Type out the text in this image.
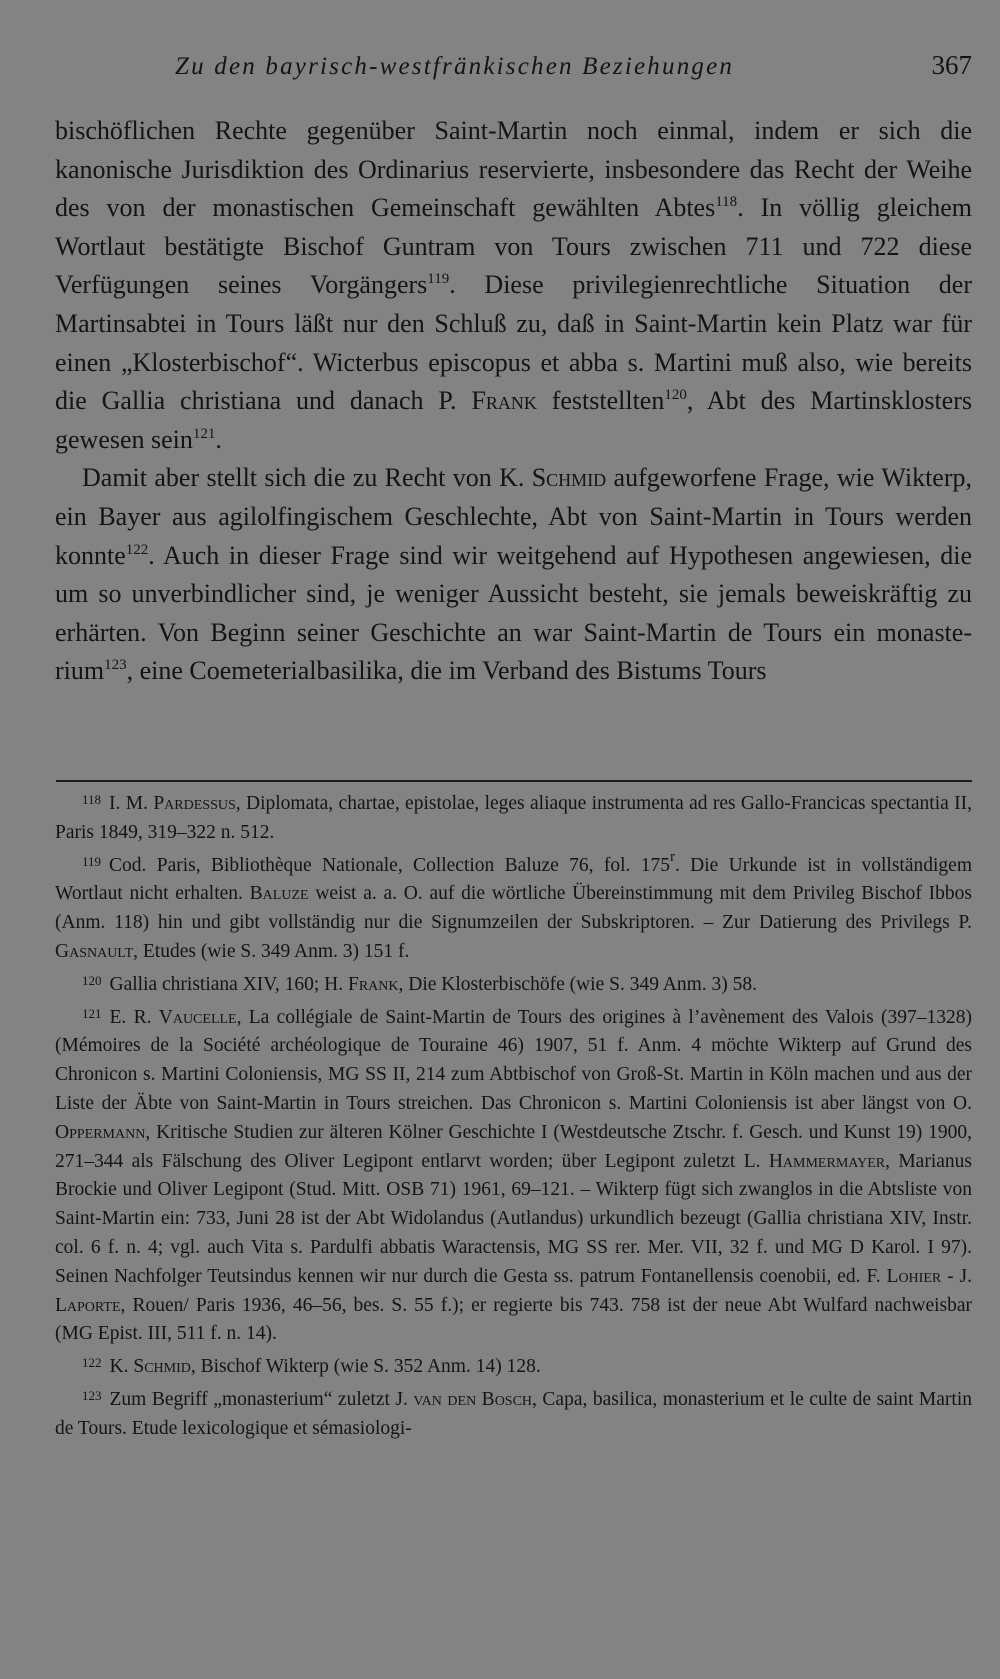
Zu den bayrisch-westfränkischen Beziehungen	367

bischöflichen Rechte gegenüber Saint-Martin noch einmal, indem er sich die kanonische Jurisdiktion des Ordinarius reservierte, insbesondere das Recht der Weihe des von der monastischen Gemeinschaft gewählten Abtes$^{118}$. In völlig gleichem Wortlaut bestätigte Bischof Guntram von Tours zwischen 711 und 722 diese Verfügungen seines Vorgängers$^{119}$. Diese privilegienrechtliche Situation der Martinsabtei in Tours läßt nur den Schluß zu, daß in Saint-Martin kein Platz war für einen „Klosterbischof“. Wicterbus episcopus et abba s. Martini muß also, wie bereits die Gallia christiana und danach P. Frank feststellten$^{120}$, Abt des Martinsklosters gewesen sein$^{121}$.

Damit aber stellt sich die zu Recht von K. Schmid aufgeworfene Frage, wie Wikterp, ein Bayer aus agilolfingischem Geschlechte, Abt von Saint-Martin in Tours werden konnte$^{122}$. Auch in dieser Frage sind wir weitgehend auf Hypothesen angewiesen, die um so unverbindlicher sind, je weniger Aussicht besteht, sie jemals beweiskräftig zu erhärten. Von Beginn seiner Geschichte an war Saint-Martin de Tours ein monasterium$^{123}$, eine Coemeterialbasilika, die im Verband des Bistums Tours

$^{118}$ I. M. Pardessus, Diplomata, chartae, epistolae, leges aliaque instrumenta ad res Gallo-Francicas spectantia II, Paris 1849, 319–322 n. 512.

$^{119}$ Cod. Paris, Bibliothèque Nationale, Collection Baluze 76, fol. 175$^r$. Die Urkunde ist in vollständigem Wortlaut nicht erhalten. Baluze weist a. a. O. auf die wörtliche Übereinstimmung mit dem Privileg Bischof Ibbos (Anm. 118) hin und gibt vollständig nur die Signumzeilen der Subskriptoren. – Zur Datierung des Privilegs P. Gasnault, Etudes (wie S. 349 Anm. 3) 151 f.

$^{120}$ Gallia christiana XIV, 160; H. Frank, Die Klosterbischöfe (wie S. 349 Anm. 3) 58.

$^{121}$ E. R. Vaucelle, La collégiale de Saint-Martin de Tours des origines à l’avènement des Valois (397–1328) (Mémoires de la Société archéologique de Touraine 46) 1907, 51 f. Anm. 4 möchte Wikterp auf Grund des Chronicon s. Martini Coloniensis, MG SS II, 214 zum Abtbischof von Groß-St. Martin in Köln machen und aus der Liste der Äbte von Saint-Martin in Tours streichen. Das Chronicon s. Martini Coloniensis ist aber längst von O. Oppermann, Kritische Studien zur älteren Kölner Geschichte I (Westdeutsche Ztschr. f. Gesch. und Kunst 19) 1900, 271–344 als Fälschung des Oliver Legipont entlarvt worden; über Legipont zuletzt L. Hammermayer, Marianus Brockie und Oliver Legipont (Stud. Mitt. OSB 71) 1961, 69–121. – Wikterp fügt sich zwanglos in die Abtsliste von Saint-Martin ein: 733, Juni 28 ist der Abt Widolandus (Autlandus) urkundlich bezeugt (Gallia christiana XIV, Instr. col. 6 f. n. 4; vgl. auch Vita s. Pardulfi abbatis Waractensis, MG SS rer. Mer. VII, 32 f. und MG D Karol. I 97). Seinen Nachfolger Teutsindus kennen wir nur durch die Gesta ss. patrum Fontanellensis coenobii, ed. F. Lohier - J. Laporte, Rouen/ Paris 1936, 46–56, bes. S. 55 f.); er regierte bis 743. 758 ist der neue Abt Wulfard nachweisbar (MG Epist. III, 511 f. n. 14).

$^{122}$ K. Schmid, Bischof Wikterp (wie S. 352 Anm. 14) 128.

$^{123}$ Zum Begriff „monasterium“ zuletzt J. van den Bosch, Capa, basilica, monasterium et le culte de saint Martin de Tours. Etude lexicologique et sémasiologi-
